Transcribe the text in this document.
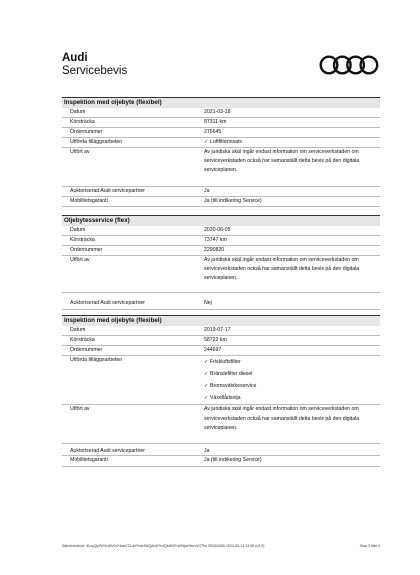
Audi
Servicebevis
Inspektion med oljebyte (flexibel)
Datum	2021-03-18
Körsträcka	87311 km
Ordernummer	276645
Utförda tilläggsarbeten	✓ Luftfilterinsats
Utfört av	Av juridiska skäl ingår endast information om serviceverkstaden om serviceverkstaden också har samanställt detta bevis på den digitala serviceplanen.
Auktoriserad Audi servicepartner	Ja
Mobilitetsgaranti	Ja (till indikering Service)
Oljebytesservice (flex)
Datum	2020-06-05
Körsträcka	73747 km
Ordernummer	2290820
Utfört av	Av juridiska skäl ingår endast information om serviceverkstaden om serviceverkstaden också har samanställt detta bevis på den digitala serviceplanen.
Auktoriserad Audi servicepartner	Nej
Inspektion med oljebyte (flexibel)
Datum	2019-07-17
Körsträcka	58722 km
Ordernummer	244697
Utförda tilläggsarbeten	✓ Friskluftsfilter
✓ Bränslefilter diesel
✓ Bromsvätskeservice
✓ Växellådsolja
Utfört av	Av juridiska skäl ingår endast information om serviceverkstaden om serviceverkstaden också har samanställt detta bevis på den digitala serviceplanen.
Auktoriserad Audi servicepartner	Ja
Mobilitetsgaranti	Ja (till indikering Service)
Säkerhetskod: 9LuyQyZWih-tAV0X*4zeCCLdX%rtcK6QAmE%4Qbi8OFqON|ar%mV4/7Pm SE404200 2024-09-13 13:56 (v2.0)	Sida 3 från 4
